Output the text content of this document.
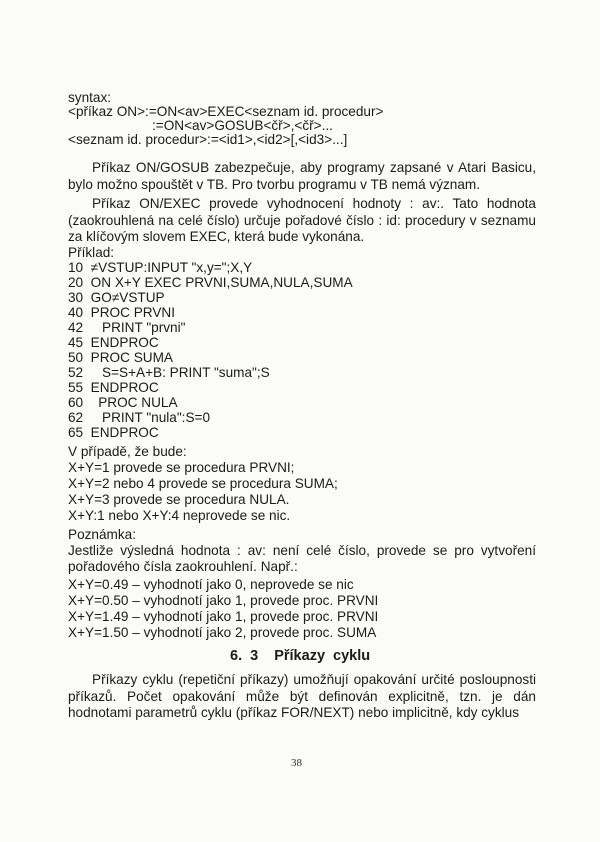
syntax:
<příkaz ON>:=ON<av>EXEC<seznam id. procedur>
:=ON<av>GOSUB<čř>,<čř>...
<seznam id. procedur>:=<id1>,<id2>[,<id3>...]
Příkaz ON/GOSUB zabezpečuje, aby programy zapsané v Atari Basicu, bylo možno spouštět v TB. Pro tvorbu programu v TB nemá význam.
Příkaz ON/EXEC provede vyhodnocení hodnoty : av:. Tato hodnota (zaokrouhlená na celé číslo) určuje pořadové číslo : id: procedury v seznamu za klíčovým slovem EXEC, která bude vykonána.
Příklad:
10  ≠VSTUP:INPUT "x,y=";X,Y
20  ON X+Y EXEC PRVNI,SUMA,NULA,SUMA
30  GO≠VSTUP
40  PROC PRVNI
42     PRINT "prvni"
45  ENDPROC
50  PROC SUMA
52     S=S+A+B: PRINT "suma";S
55  ENDPROC
60    PROC NULA
62     PRINT "nula":S=0
65  ENDPROC
V případě, že bude:
X+Y=1 provede se procedura PRVNI;
X+Y=2 nebo 4 provede se procedura SUMA;
X+Y=3 provede se procedura NULA.
X+Y:1 nebo X+Y:4 neprovede se nic.
Poznámka:
Jestliže výsledná hodnota : av: není celé číslo, provede se pro vytvoření pořadového čísla zaokrouhlení. Např.:
X+Y=0.49 – vyhodnotí jako 0, neprovede se nic
X+Y=0.50 – vyhodnotí jako 1, provede proc. PRVNI
X+Y=1.49 – vyhodnotí jako 1, provede proc. PRVNI
X+Y=1.50 – vyhodnotí jako 2, provede proc. SUMA
6. 3 Příkazy cyklu
Příkazy cyklu (repetiční příkazy) umožňují opakování určité posloupnosti příkazů. Počet opakování může být definován explicitně, tzn. je dán hodnotami parametrů cyklu (příkaz FOR/NEXT) nebo implicitně, kdy cyklus
38
